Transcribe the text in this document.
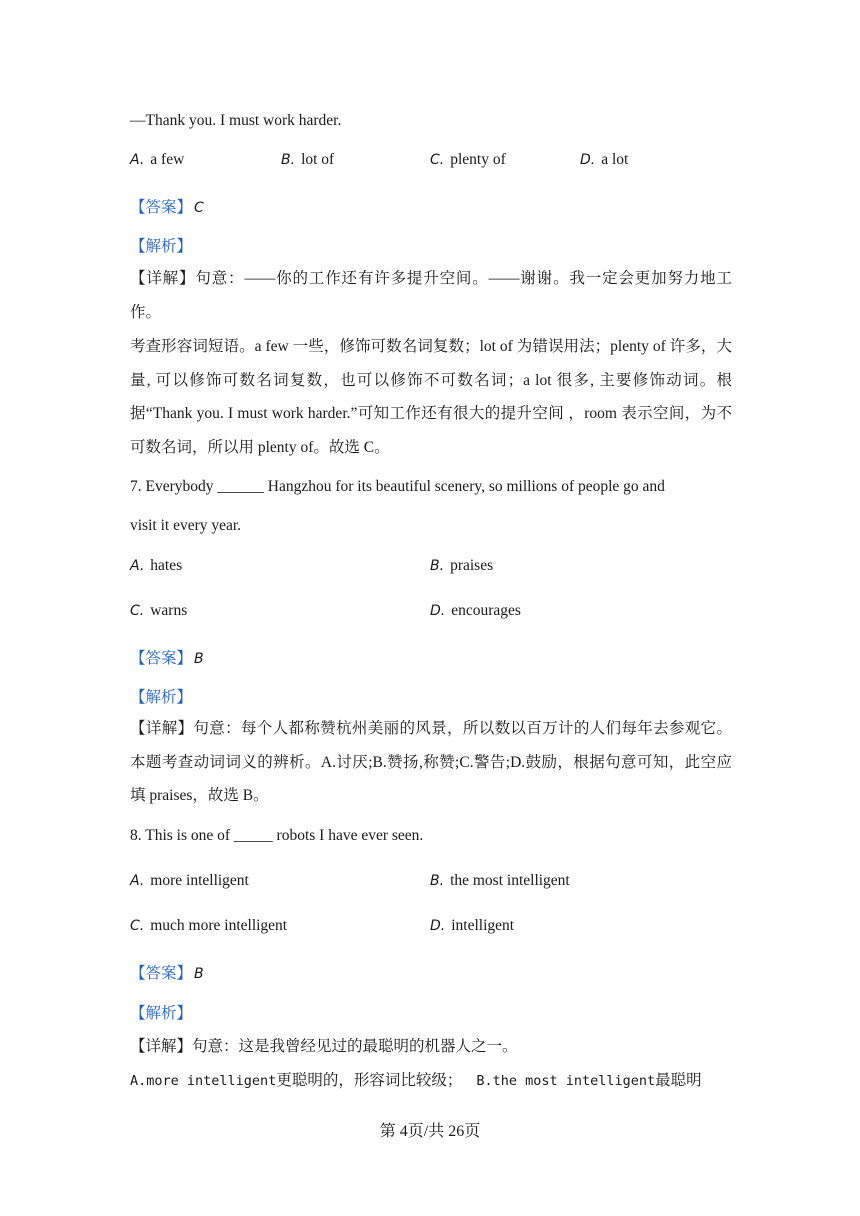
—Thank you. I must work harder.
A. a few	B. lot of	C. plenty of	D. a lot
【答案】 C
【解析】
【详解】句意：——你的工作还有许多提升空间。——谢谢。我一定会更加努力地工作。
考查形容词短语。a few 一些，修饰可数名词复数；lot of 为错误用法；plenty of 许多，大量, 可以修饰可数名词复数，也可以修饰不可数名词；a lot 很多, 主要修饰动词。根据“Thank you. I must work harder.”可知工作还有很大的提升空间 ，room 表示空间，为不可数名词，所以用 plenty of。故选 C。
7. Everybody ______ Hangzhou for its beautiful scenery, so millions of people go and
visit it every year.
A. hates	B. praises
C. warns	D. encourages
【答案】 B
【解析】
【详解】句意：每个人都称赞杭州美丽的风景，所以数以百万计的人们每年去参观它。本题考查动词词义的辨析。A.讨厌;B.赞扬,称赞;C.警告;D.鼓励，根据句意可知，此空应填 praises，故选 B。
8. This is one of _____ robots I have ever seen.
A. more intelligent	B. the most intelligent
C. much more intelligent	D. intelligent
【答案】 B
【解析】
【详解】句意：这是我曾经见过的最聪明的机器人之一。
A.more intelligent更聪明的，形容词比较级； B.the most intelligent最聪明
第 4页/共 26页
